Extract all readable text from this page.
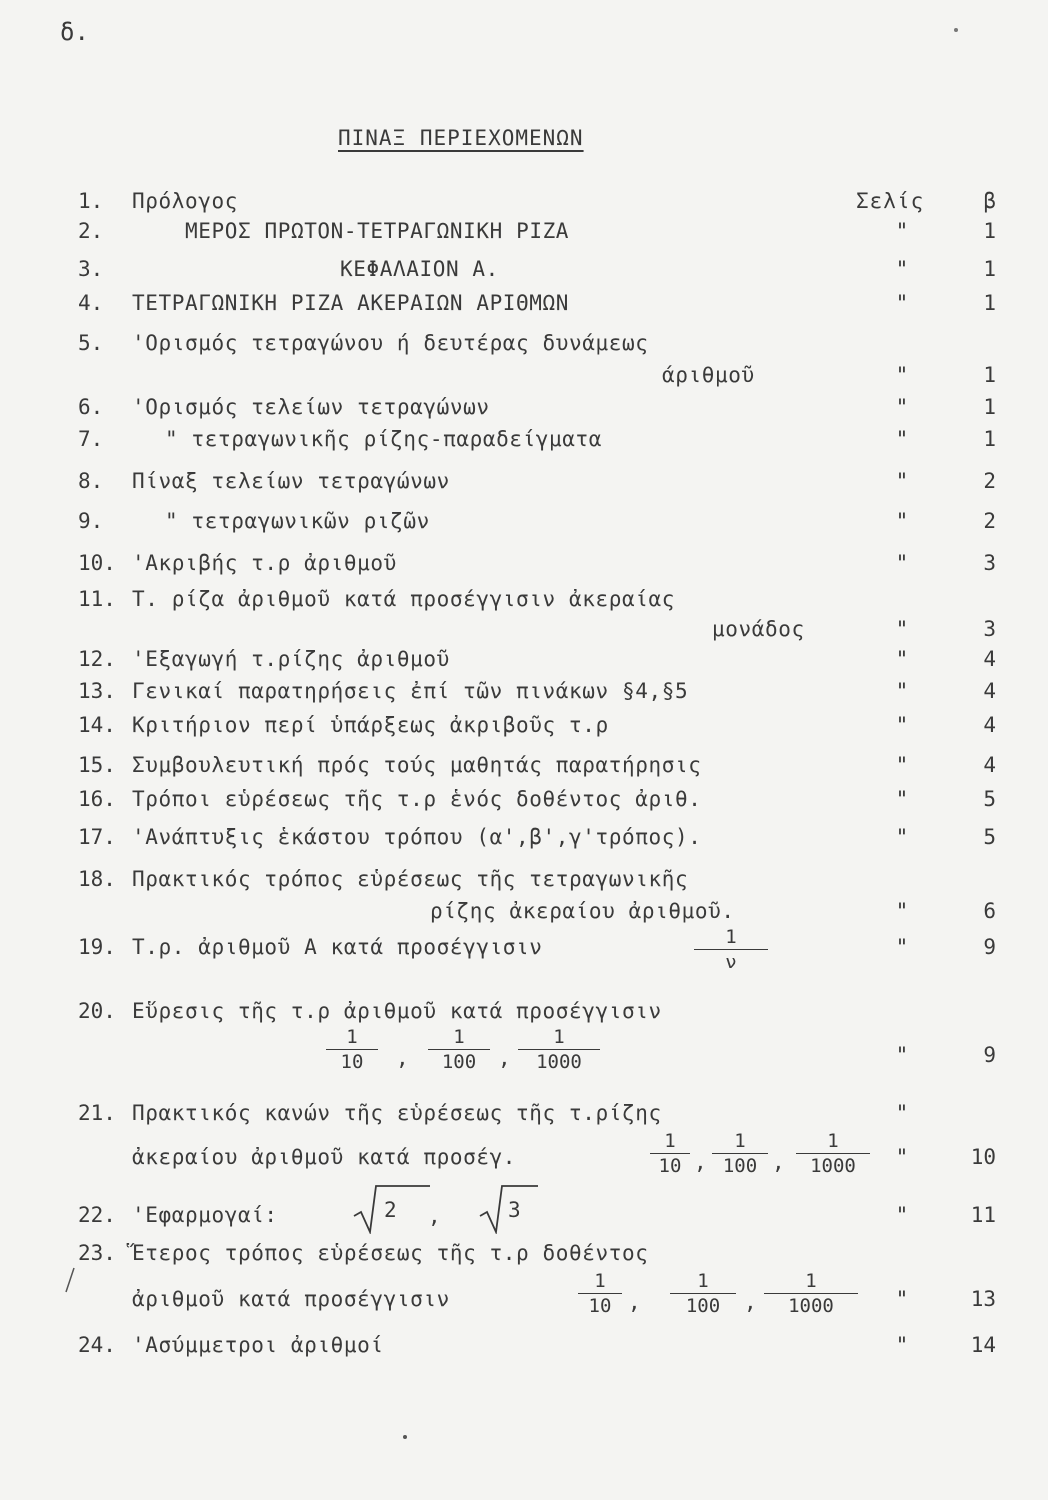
δ.
ΠΙΝΑΞ ΠΕΡΙΕΧΟΜΕΝΩΝ
1.	Πρόλογος	Σελίς	β
2.	ΜΕΡΟΣ ΠΡΩΤΟΝ-ΤΕΤΡΑΓΩΝΙΚΗ ΡΙΖΑ	"	1
3.	ΚΕΦΑΛΑΙΟΝ Α.	"	1
4.	ΤΕΤΡΑΓΩΝΙΚΗ ΡΙΖΑ ΑΚΕΡΑΙΩΝ ΑΡΙΘΜΩΝ	"	1
5.	'Ορισμός τετραγώνου ή δευτέρας δυνάμεως
άριθμοῦ	"	1
6.	'Ορισμός τελείων τετραγώνων	"	1
7.	" τετραγωνικῆς ρίζης-παραδείγματα	"	1
8.	Πίναξ τελείων τετραγώνων	"	2
9.	" τετραγωνικῶν ριζῶν	"	2
10. 'Ακριβής τ.ρ ἀριθμοῦ	"	3
11. Τ. ρίζα ἀριθμοῦ κατά προσέγγισιν ἀκεραίας
μονάδος	"	3
12. 'Εξαγωγή τ.ρίζης ἀριθμοῦ	"	4
13. Γενικαί παρατηρήσεις ἐπί τῶν πινάκων §4,§5	"	4
14. Κριτήριον περί ὑπάρξεως ἀκριβοῦς τ.ρ	"	4
15. Συμβουλευτική πρός τούς μαθητάς παρατήρησις	"	4
16. Τρόποι εὑρέσεως τῆς τ.ρ ἑνός δοθέντος ἀριθ.	"	5
17. 'Ανάπτυξις ἑκάστου τρόπου (α',β',γ'τρόπος).	"	5
18. Πρακτικός τρόπος εὑρέσεως τῆς τετραγωνικῆς
ρίζης ἀκεραίου ἀριθμοῦ.	"	6
19. Τ.ρ. ἀριθμοῦ Α κατά προσέγγισιν	"	9
1
ν
20. Εὕρεσις τῆς τ.ρ ἀριθμοῦ κατά προσέγγισιν
1
10	,
1
100	,
1
1000	"	9
21. Πρακτικός κανών τῆς εὑρέσεως τῆς τ.ρίζης	"
ἀκεραίου ἀριθμοῦ κατά προσέγ.	"	10
1
10 ,
1
100 ,
1
1000
22. 'Εφαρμογαί:	"	11
2 ,	3
23. Ἕτερος τρόπος εὑρέσεως τῆς τ.ρ δοθέντος
ἀριθμοῦ κατά προσέγγισιν	"	13
1
10 ,
1
100	,
1
1000
24. 'Ασύμμετροι ἀριθμοί	"	14
